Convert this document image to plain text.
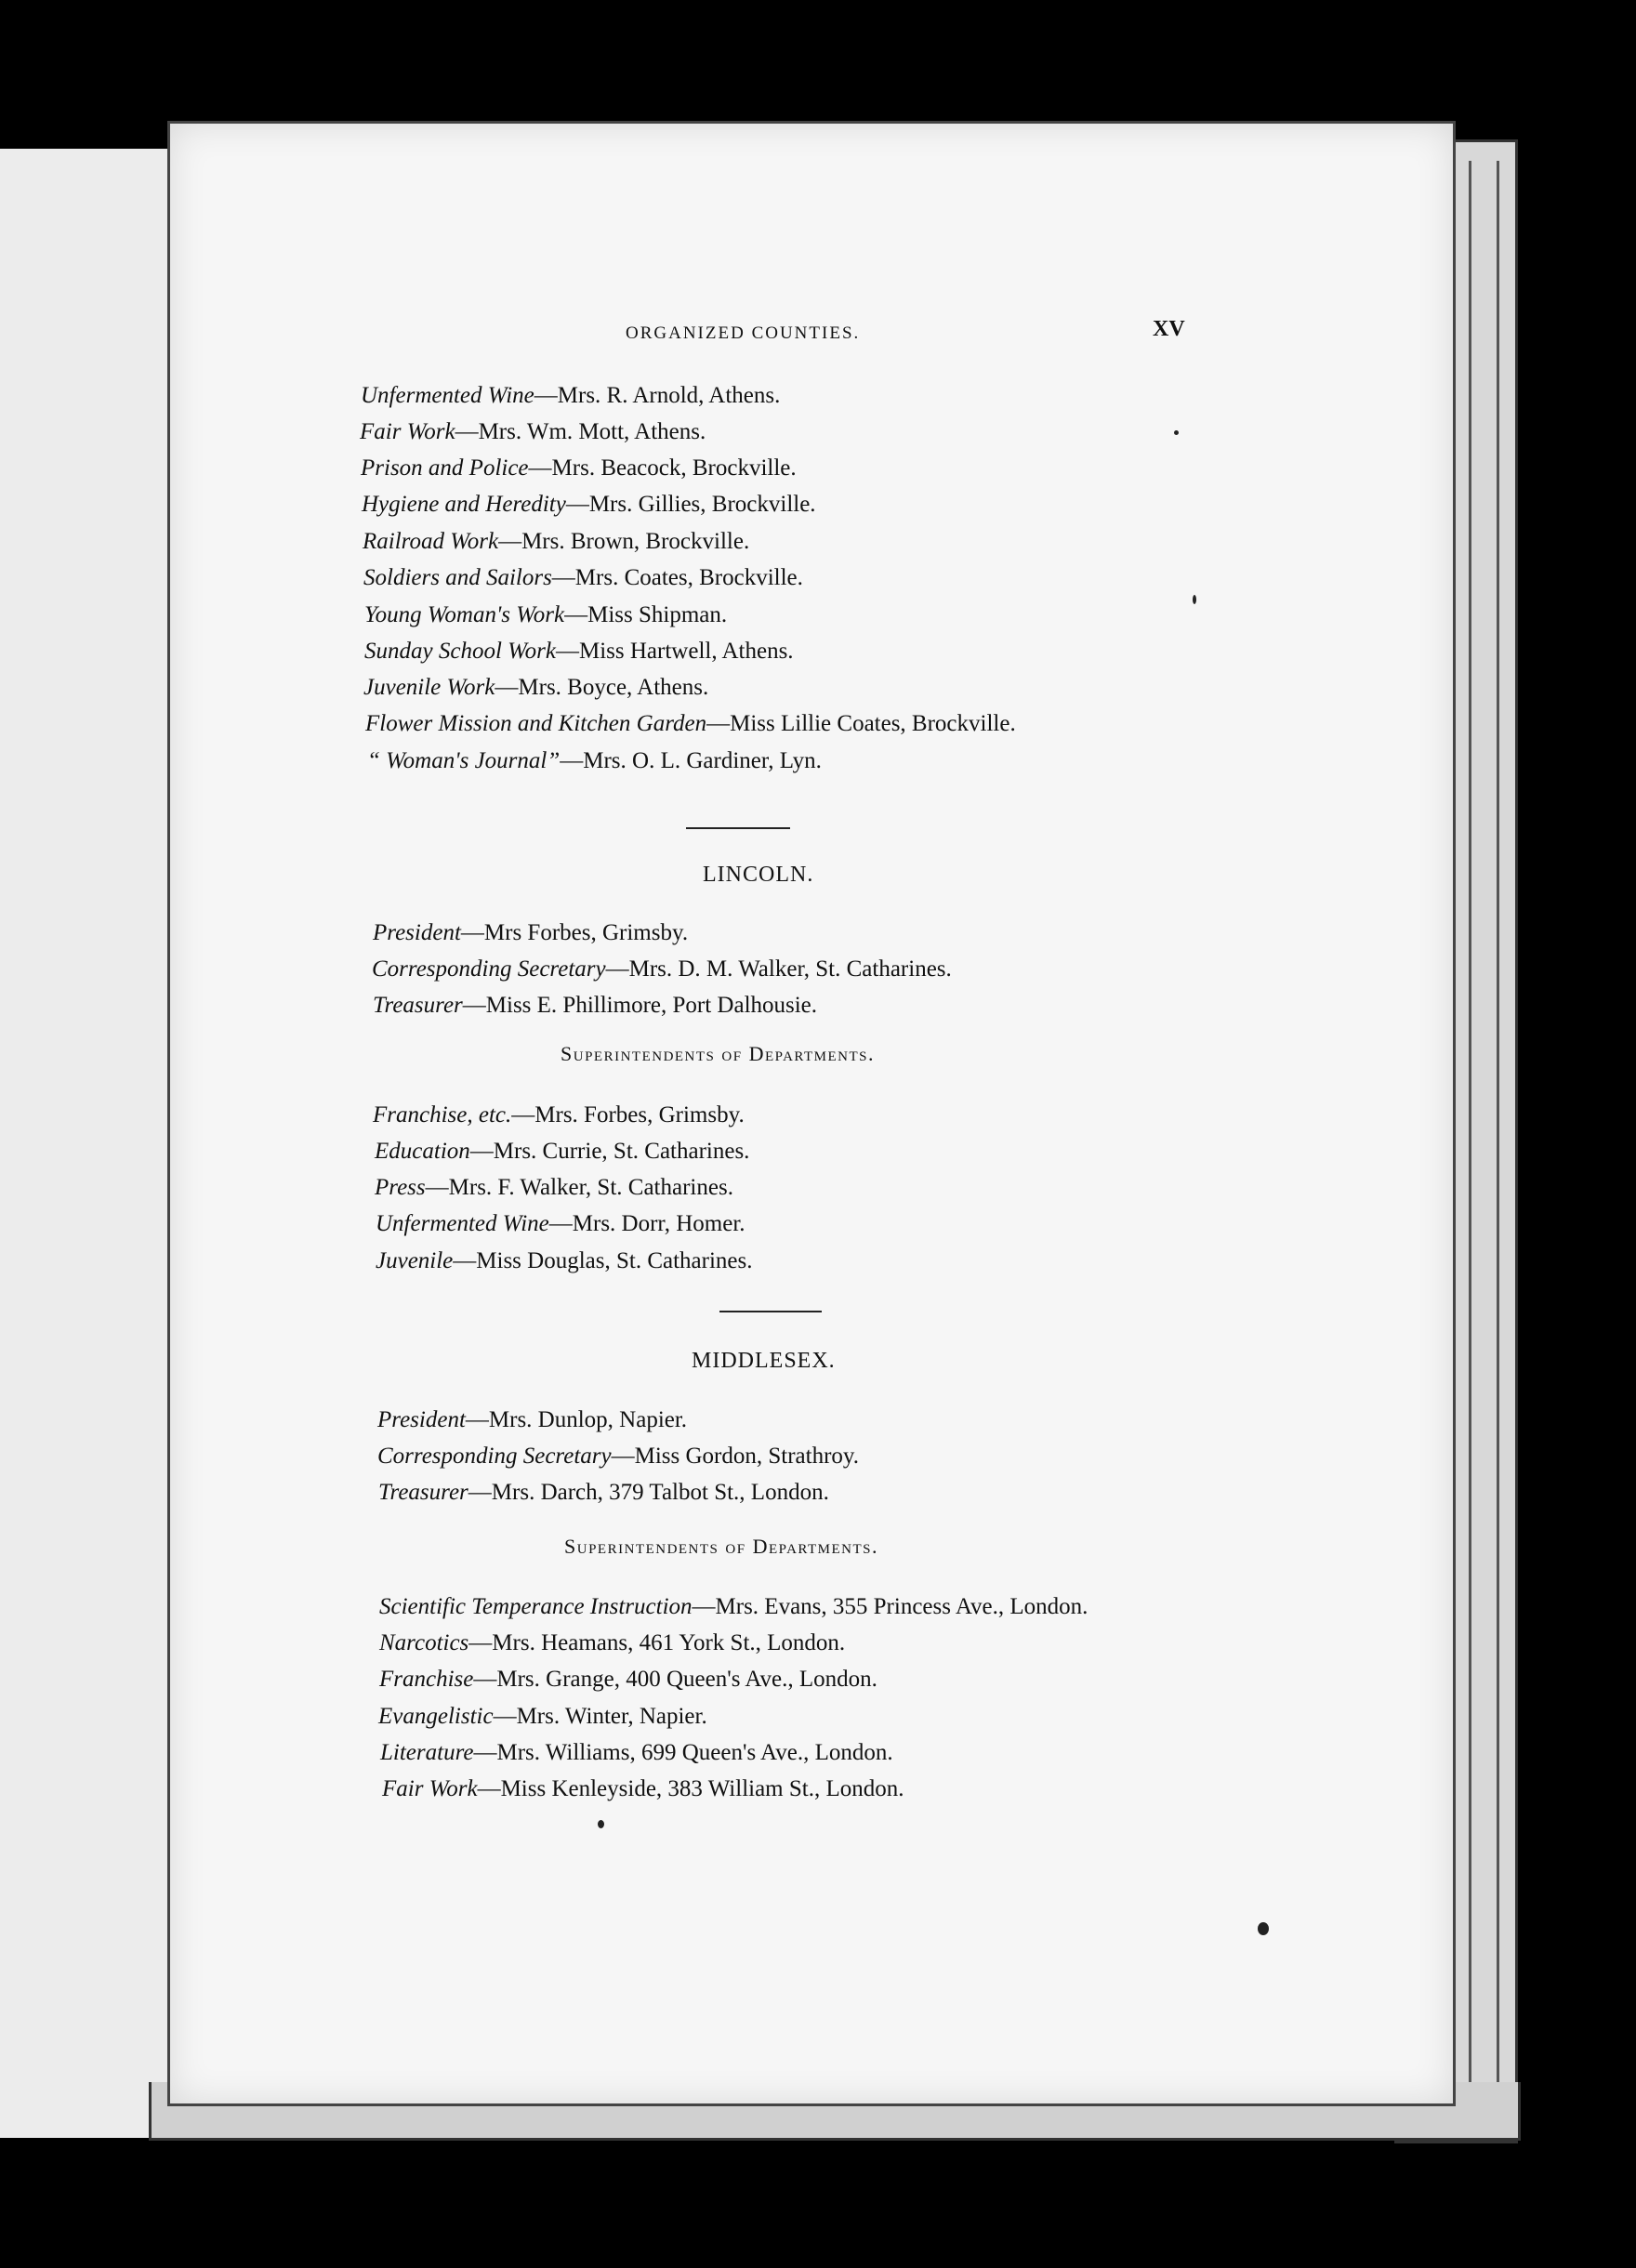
ORGANIZED COUNTIES.	XV
Unfermented Wine—Mrs. R. Arnold, Athens.
Fair Work—Mrs. Wm. Mott, Athens.
Prison and Police—Mrs. Beacock, Brockville.
Hygiene and Heredity—Mrs. Gillies, Brockville.
Railroad Work—Mrs. Brown, Brockville.
Soldiers and Sailors—Mrs. Coates, Brockville.
Young Woman's Work—Miss Shipman.
Sunday School Work—Miss Hartwell, Athens.
Juvenile Work—Mrs. Boyce, Athens.
Flower Mission and Kitchen Garden—Miss Lillie Coates, Brockville.
“ Woman's Journal”—Mrs. O. L. Gardiner, Lyn.
LINCOLN.
President—Mrs Forbes, Grimsby.
Corresponding Secretary—Mrs. D. M. Walker, St. Catharines.
Treasurer—Miss E. Phillimore, Port Dalhousie.
Superintendents of Departments.
Franchise, etc.—Mrs. Forbes, Grimsby.
Education—Mrs. Currie, St. Catharines.
Press—Mrs. F. Walker, St. Catharines.
Unfermented Wine—Mrs. Dorr, Homer.
Juvenile—Miss Douglas, St. Catharines.
MIDDLESEX.
President—Mrs. Dunlop, Napier.
Corresponding Secretary—Miss Gordon, Strathroy.
Treasurer—Mrs. Darch, 379 Talbot St., London.
Superintendents of Departments.
Scientific Temperance Instruction—Mrs. Evans, 355 Princess Ave., London.
Narcotics—Mrs. Heamans, 461 York St., London.
Franchise—Mrs. Grange, 400 Queen's Ave., London.
Evangelistic—Mrs. Winter, Napier.
Literature—Mrs. Williams, 699 Queen's Ave., London.
Fair Work—Miss Kenleyside, 383 William St., London.
